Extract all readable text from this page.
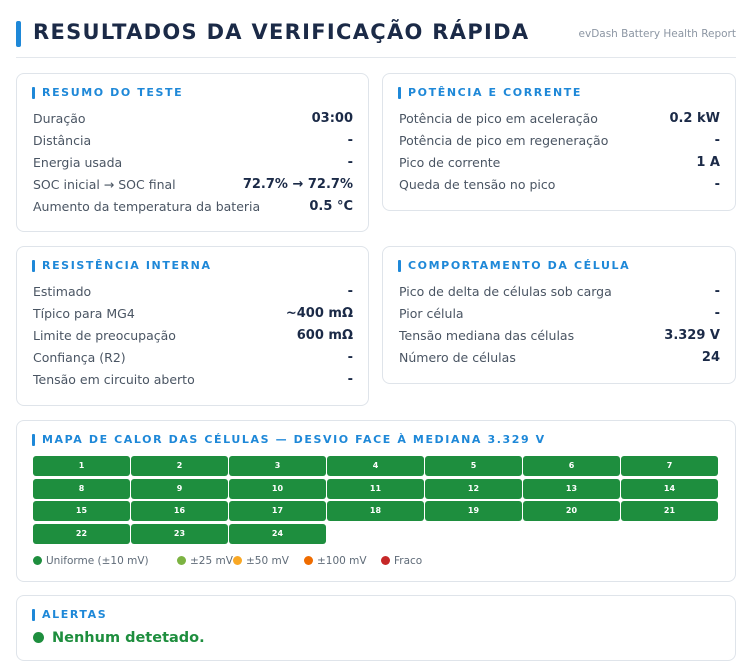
RESULTADOS DA VERIFICAÇÃO RÁPIDA	evDash Battery Health Report
RESUMO DO TESTE
Duração	03:00
Distância	-
Energia usada	-
SOC inicial → SOC final	72.7% → 72.7%
Aumento da temperatura da bateria	0.5 °C
POTÊNCIA E CORRENTE
Potência de pico em aceleração	0.2 kW
Potência de pico em regeneração	-
Pico de corrente	1 A
Queda de tensão no pico	-
RESISTÊNCIA INTERNA
Estimado	-
Típico para MG4	~400 mΩ
Limite de preocupação	600 mΩ
Confiança (R2)	-
Tensão em circuito aberto	-
COMPORTAMENTO DA CÉLULA
Pico de delta de células sob carga	-
Pior célula	-
Tensão mediana das células	3.329 V
Número de células	24
MAPA DE CALOR DAS CÉLULAS — DESVIO FACE À MEDIANA 3.329 V
1	2	3	4	5	6	7
8	9	10	11	12	13	14
15	16	17	18	19	20	21
22	23	24
Uniforme (±10 mV)	±25 mV ±50 mV	±100 mV	Fraco
ALERTAS
Nenhum detetado.
